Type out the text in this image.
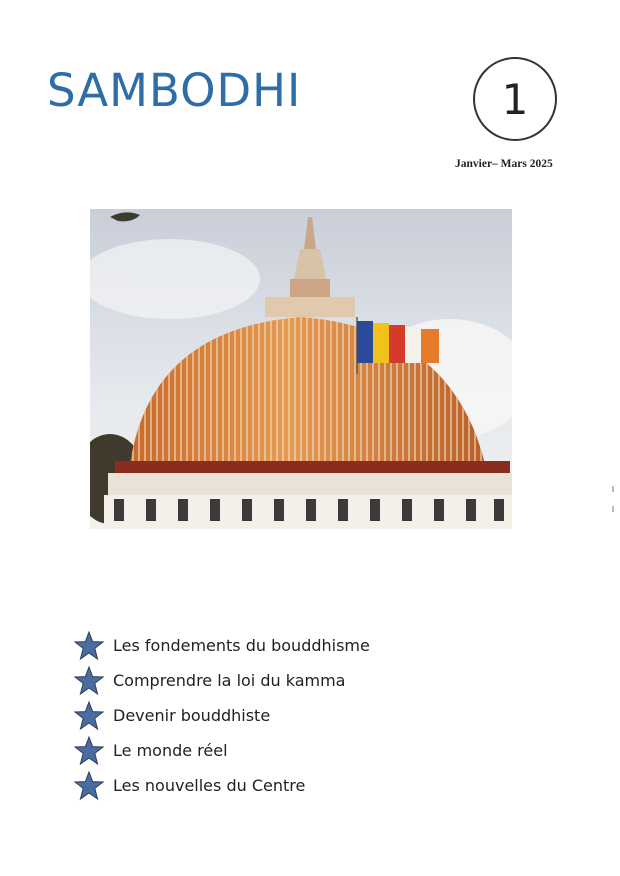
SAMBODHI	1
Janvier– Mars 2025
Les fondements du bouddhisme
Comprendre la loi du kamma
Devenir bouddhiste
Le monde réel
Les nouvelles du Centre
